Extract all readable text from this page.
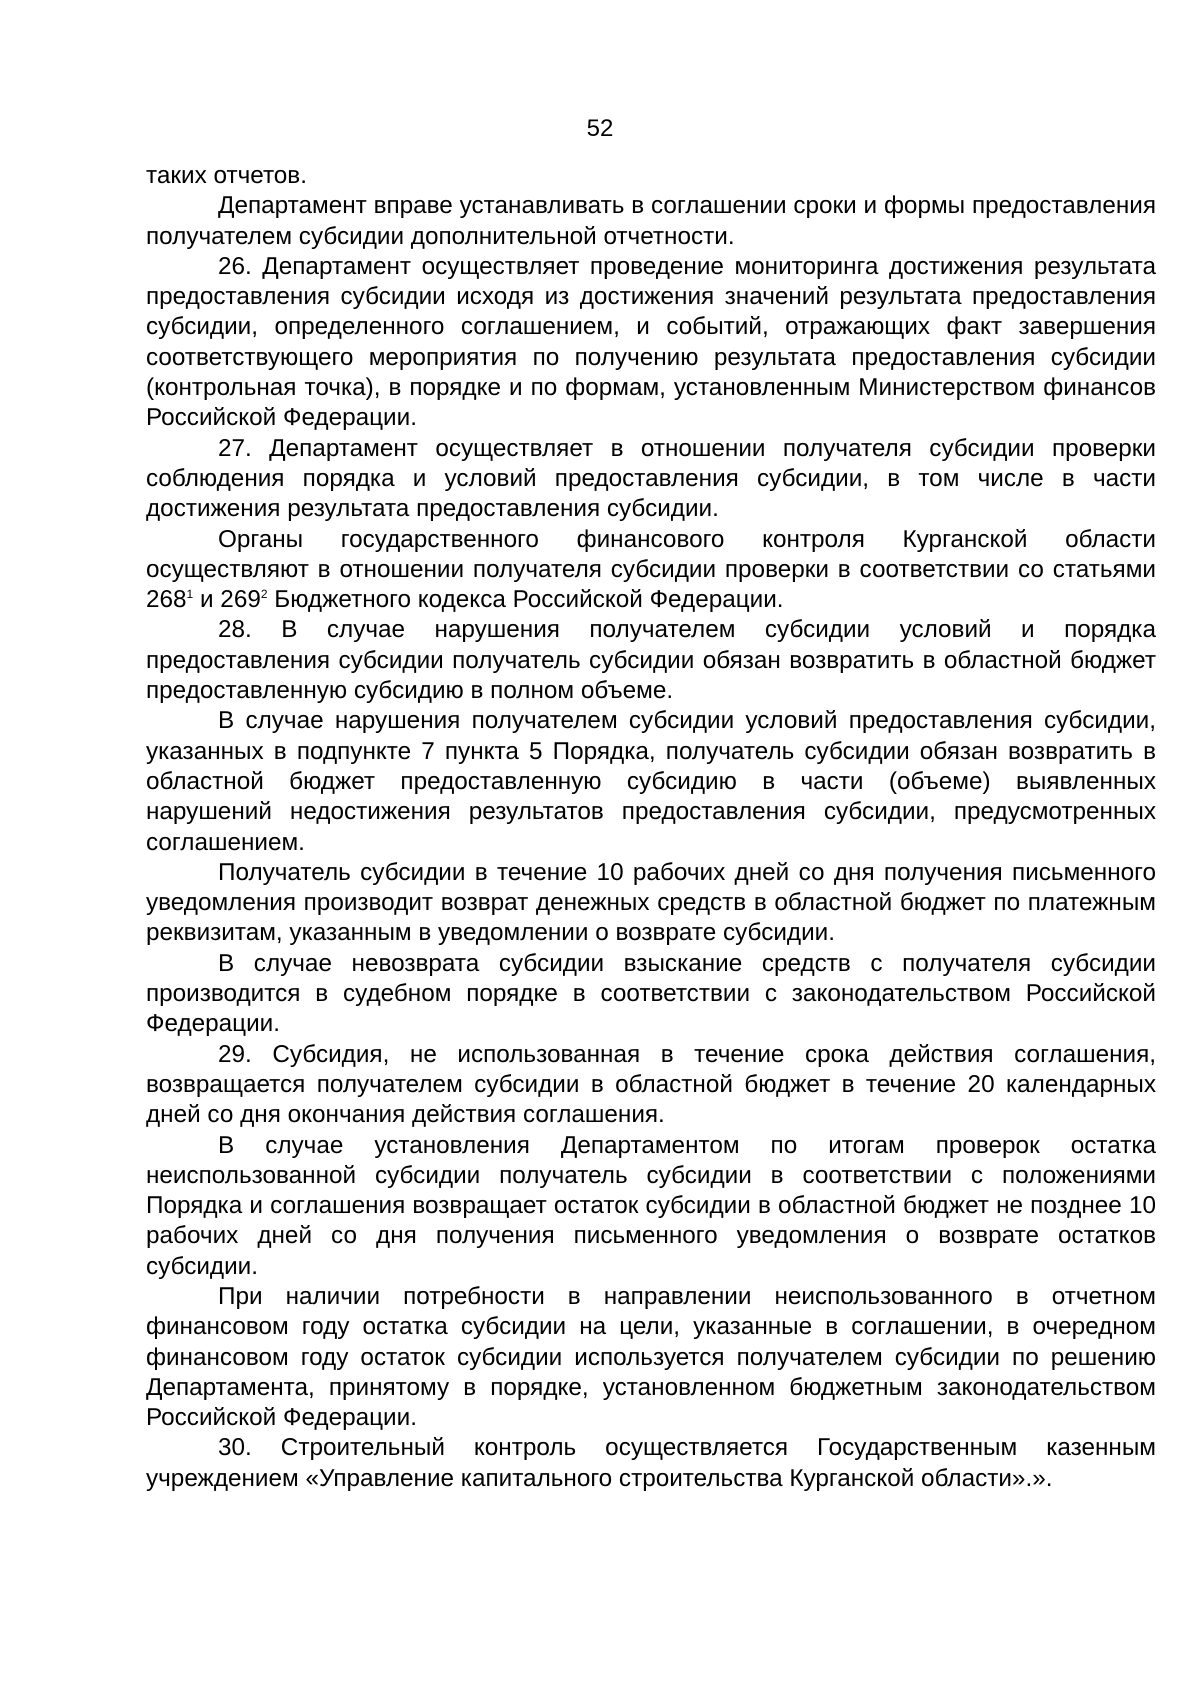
52

таких отчетов.

Департамент вправе устанавливать в соглашении сроки и формы предоставления получателем субсидии дополнительной отчетности.

26. Департамент осуществляет проведение мониторинга достижения результата предоставления субсидии исходя из достижения значений результата предоставления субсидии, определенного соглашением, и событий, отражающих факт завершения соответствующего мероприятия по получению результата предоставления субсидии (контрольная точка), в порядке и по формам, установленным Министерством финансов Российской Федерации.

27. Департамент осуществляет в отношении получателя субсидии проверки соблюдения порядка и условий предоставления субсидии, в том числе в части достижения результата предоставления субсидии.

Органы государственного финансового контроля Курганской области осуществляют в отношении получателя субсидии проверки в соответствии со статьями $268^1$ и $269^2$ Бюджетного кодекса Российской Федерации.

28. В случае нарушения получателем субсидии условий и порядка предоставления субсидии получатель субсидии обязан возвратить в областной бюджет предоставленную субсидию в полном объеме.

В случае нарушения получателем субсидии условий предоставления субсидии, указанных в подпункте 7 пункта 5 Порядка, получатель субсидии обязан возвратить в областной бюджет предоставленную субсидию в части (объеме) выявленных нарушений недостижения результатов предоставления субсидии, предусмотренных соглашением.

Получатель субсидии в течение 10 рабочих дней со дня получения письменного уведомления производит возврат денежных средств в областной бюджет по платежным реквизитам, указанным в уведомлении о возврате субсидии.

В случае невозврата субсидии взыскание средств с получателя субсидии производится в судебном порядке в соответствии с законодательством Российской Федерации.

29. Субсидия, не использованная в течение срока действия соглашения, возвращается получателем субсидии в областной бюджет в течение 20 календарных дней со дня окончания действия соглашения.

В случае установления Департаментом по итогам проверок остатка неиспользованной субсидии получатель субсидии в соответствии с положениями Порядка и соглашения возвращает остаток субсидии в областной бюджет не позднее 10 рабочих дней со дня получения письменного уведомления о возврате остатков субсидии.

При наличии потребности в направлении неиспользованного в отчетном финансовом году остатка субсидии на цели, указанные в соглашении, в очередном финансовом году остаток субсидии используется получателем субсидии по решению Департамента, принятому в порядке, установленном бюджетным законодательством Российской Федерации.

30. Строительный контроль осуществляется Государственным казенным учреждением «Управление капитального строительства Курганской области».».
